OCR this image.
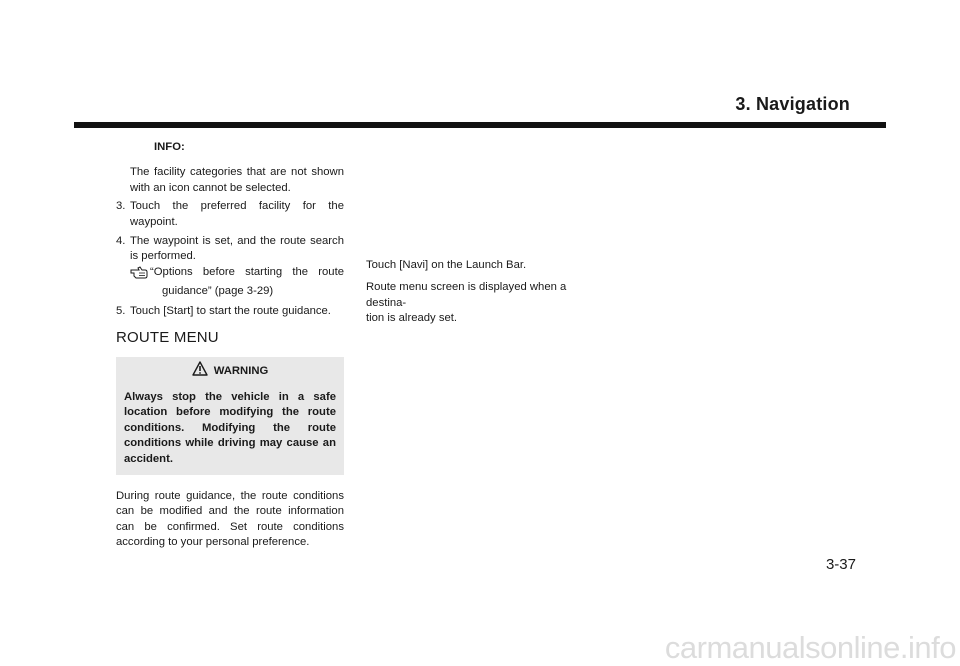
3. Navigation
INFO:
The facility categories that are not shown with an icon cannot be selected.
3. Touch the preferred facility for the waypoint.
4. The waypoint is set, and the route search is performed.
“Options before starting the route
guidance” (page 3-29)
5. Touch [Start] to start the route guidance.
ROUTE MENU
WARNING
Always stop the vehicle in a safe location before modifying the route conditions. Modifying the route conditions while driving may cause an accident.
During route guidance, the route conditions can be modified and the route information can be confirmed. Set route conditions according to your personal preference.

Touch [Navi] on the Launch Bar.

Route menu screen is displayed when a destina-
tion is already set.

3-37
carmanualsonline.info
